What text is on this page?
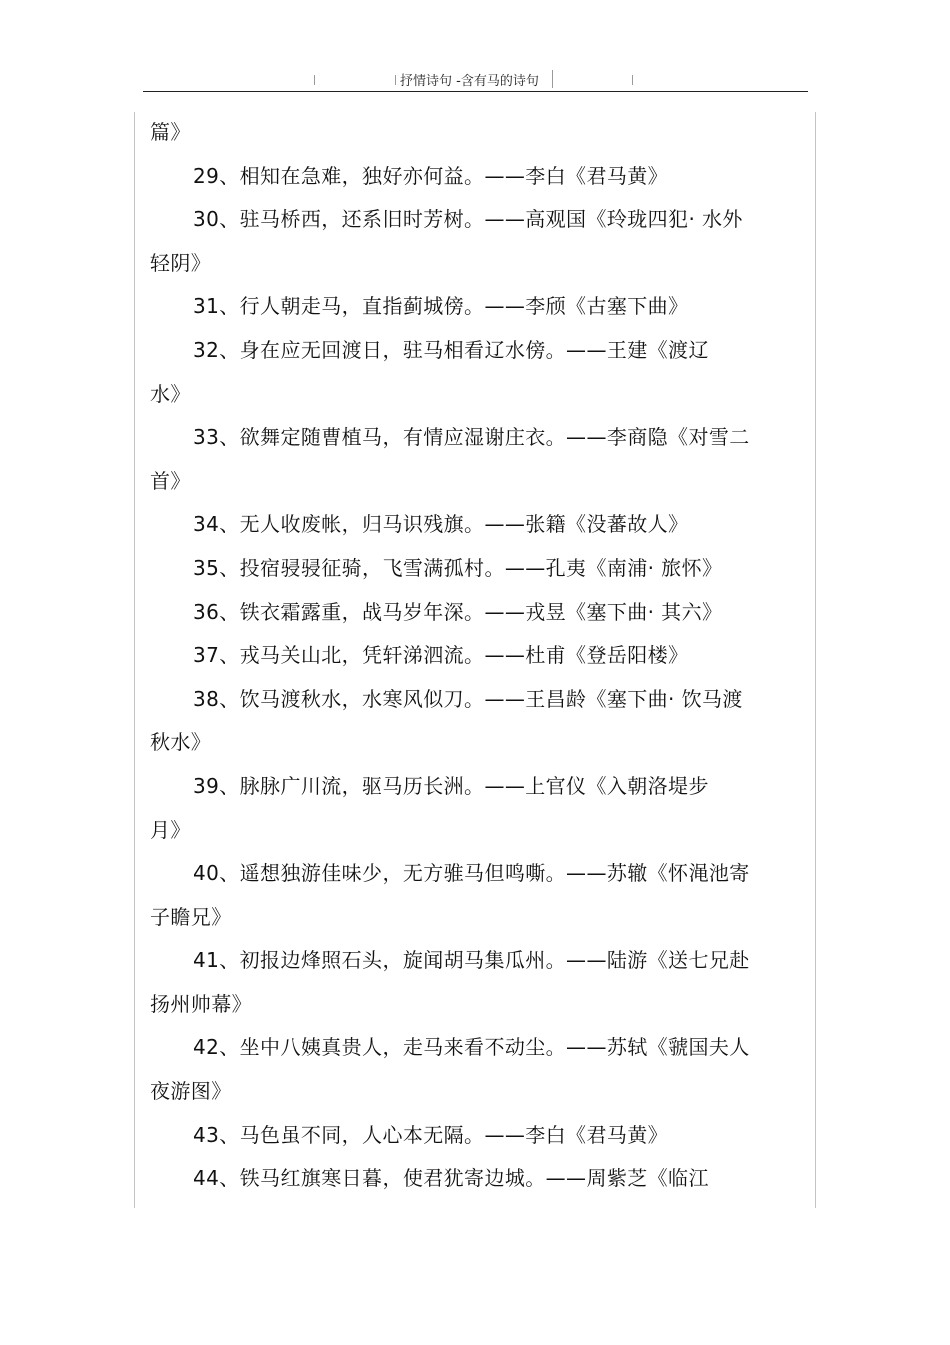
抒情诗句 -含有马的诗句
篇》
29、相知在急难，独好亦何益。——李白《君马黄》
30、驻马桥西，还系旧时芳树。——高观国《玲珑四犯· 水外
轻阴》
31、行人朝走马，直指蓟城傍。——李颀《古塞下曲》
32、身在应无回渡日，驻马相看辽水傍。——王建《渡辽
水》
33、欲舞定随曹植马，有情应湿谢庄衣。——李商隐《对雪二
首》
34、无人收废帐，归马识残旗。——张籍《没蕃故人》
35、投宿骎骎征骑，飞雪满孤村。——孔夷《南浦· 旅怀》
36、铁衣霜露重，战马岁年深。——戎昱《塞下曲· 其六》
37、戎马关山北，凭轩涕泗流。——杜甫《登岳阳楼》
38、饮马渡秋水，水寒风似刀。——王昌龄《塞下曲· 饮马渡
秋水》
39、脉脉广川流，驱马历长洲。——上官仪《入朝洛堤步
月》
40、遥想独游佳味少，无方骓马但鸣嘶。——苏辙《怀渑池寄
子瞻兄》
41、初报边烽照石头，旋闻胡马集瓜州。——陆游《送七兄赴
扬州帅幕》
42、坐中八姨真贵人，走马来看不动尘。——苏轼《虢国夫人
夜游图》
43、马色虽不同，人心本无隔。——李白《君马黄》
44、铁马红旗寒日暮，使君犹寄边城。——周紫芝《临江
